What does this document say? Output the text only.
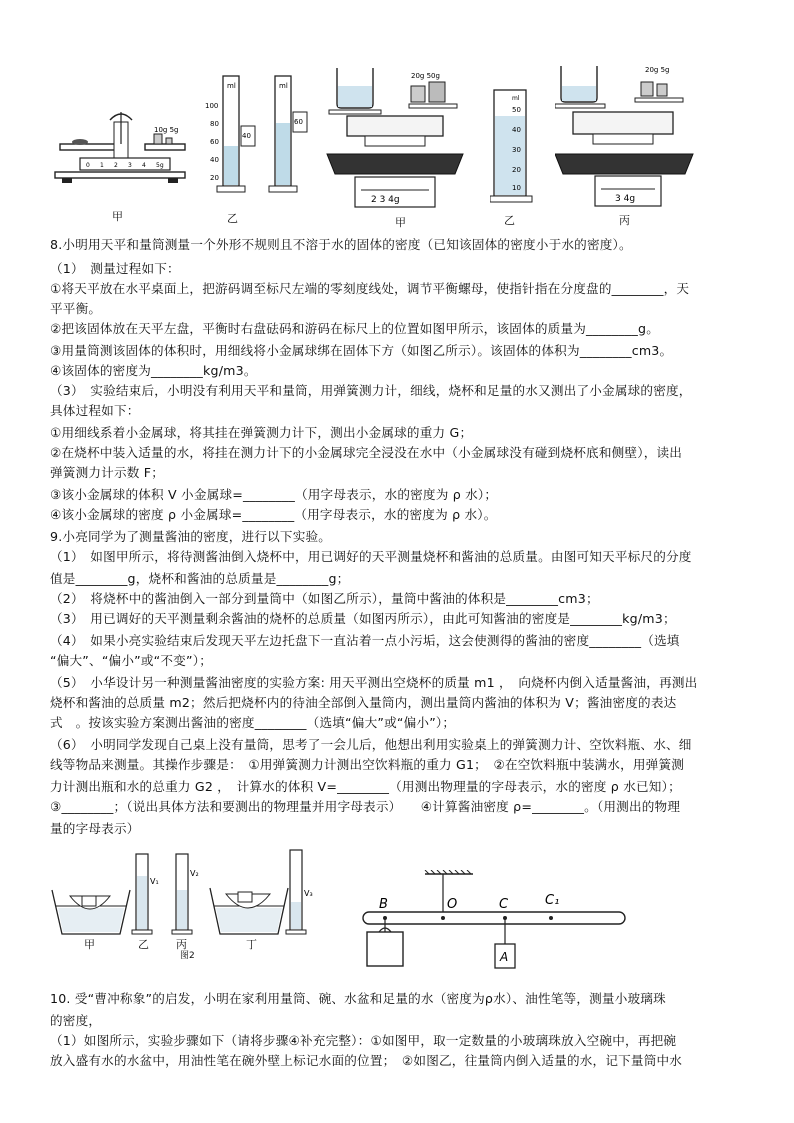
10g 5g
0 1 2 3 4 5g
甲
100
80
60
40
20
ml
40
ml
60
乙
20g 50g
2 3 4g
甲
ml
50
40
30
20
10
乙
20g 5g
3 4g
丙
8.小明用天平和量筒测量一个外形不规则且不溶于水的固体的密度（已知该固体的密度小于水的密度）。
（1）　测量过程如下：
①将天平放在水平桌面上，把游码调至标尺左端的零刻度线处，调节平衡螺母，使指针指在分度盘的________，天
平平衡。
②把该固体放在天平左盘，平衡时右盘砝码和游码在标尺上的位置如图甲所示，该固体的质量为________g。
③用量筒测该固体的体积时，用细线将小金属球绑在固体下方（如图乙所示）。该固体的体积为________cm3。
④该固体的密度为________kg/m3。
（3）　实验结束后，小明没有利用天平和量筒，用弹簧测力计，细线，烧杯和足量的水又测出了小金属球的密度，
具体过程如下：
①用细线系着小金属球，将其挂在弹簧测力计下，测出小金属球的重力 G；
②在烧杯中装入适量的水，将挂在测力计下的小金属球完全浸没在水中（小金属球没有碰到烧杯底和侧壁），读出
弹簧测力计示数 F；
③该小金属球的体积 V 小金属球=________（用字母表示，水的密度为 ρ 水）；
④该小金属球的密度 ρ 小金属球=________（用字母表示，水的密度为 ρ 水）。
9.小亮同学为了测量酱油的密度，进行以下实验。
（1）　如图甲所示，将待测酱油倒入烧杯中，用已调好的天平测量烧杯和酱油的总质量。由图可知天平标尺的分度
值是________g，烧杯和酱油的总质量是________g；
（2）　将烧杯中的酱油倒入一部分到量筒中（如图乙所示），量筒中酱油的体积是________cm3；
（3）　用已调好的天平测量剩余酱油的烧杯的总质量（如图丙所示），由此可知酱油的密度是________kg/m3；
（4）　如果小亮实验结束后发现天平左边托盘下一直沾着一点小污垢，这会使测得的酱油的密度________（选填
“偏大”、“偏小”或“不变”）；
（5）　小华设计另一种测量酱油密度的实验方案: 用天平测出空烧杯的质量 m1 ，　向烧杯内倒入适量酱油，再测出
烧杯和酱油的总质量 m2；然后把烧杯内的待油全部倒入量筒内，测出量筒内酱油的体积为 V；酱油密度的表达
式　。按该实验方案测出酱油的密度________（选填“偏大”或“偏小”）；
（6）　小明同学发现自己桌上没有量筒，思考了一会儿后，他想出利用实验桌上的弹簧测力计、空饮料瓶、水、细
线等物品来测量。其操作步骤是：　①用弹簧测力计测出空饮料瓶的重力 G1；　②在空饮料瓶中装满水，用弹簧测
力计测出瓶和水的总重力 G2 ，　计算水的体积 V=________（用测出物理量的字母表示，水的密度 ρ 水已知）；
③________；（说出具体方法和要测出的物理量并用字母表示）　　④计算酱油密度 ρ=________。（用测出的物理
量的字母表示）
V₁
V₂
V₃
甲	乙 丙
图2
丁
B	O	C	C₁
A
10. 受“曹冲称象”的启发，小明在家利用量筒、碗、水盆和足量的水（密度为ρ水）、油性笔等，测量小玻璃珠
的密度，
（1）如图所示，实验步骤如下（请将步骤④补充完整）：①如图甲，取一定数量的小玻璃珠放入空碗中，再把碗
放入盛有水的水盆中，用油性笔在碗外壁上标记水面的位置；　②如图乙，往量筒内倒入适量的水，记下量筒中水
